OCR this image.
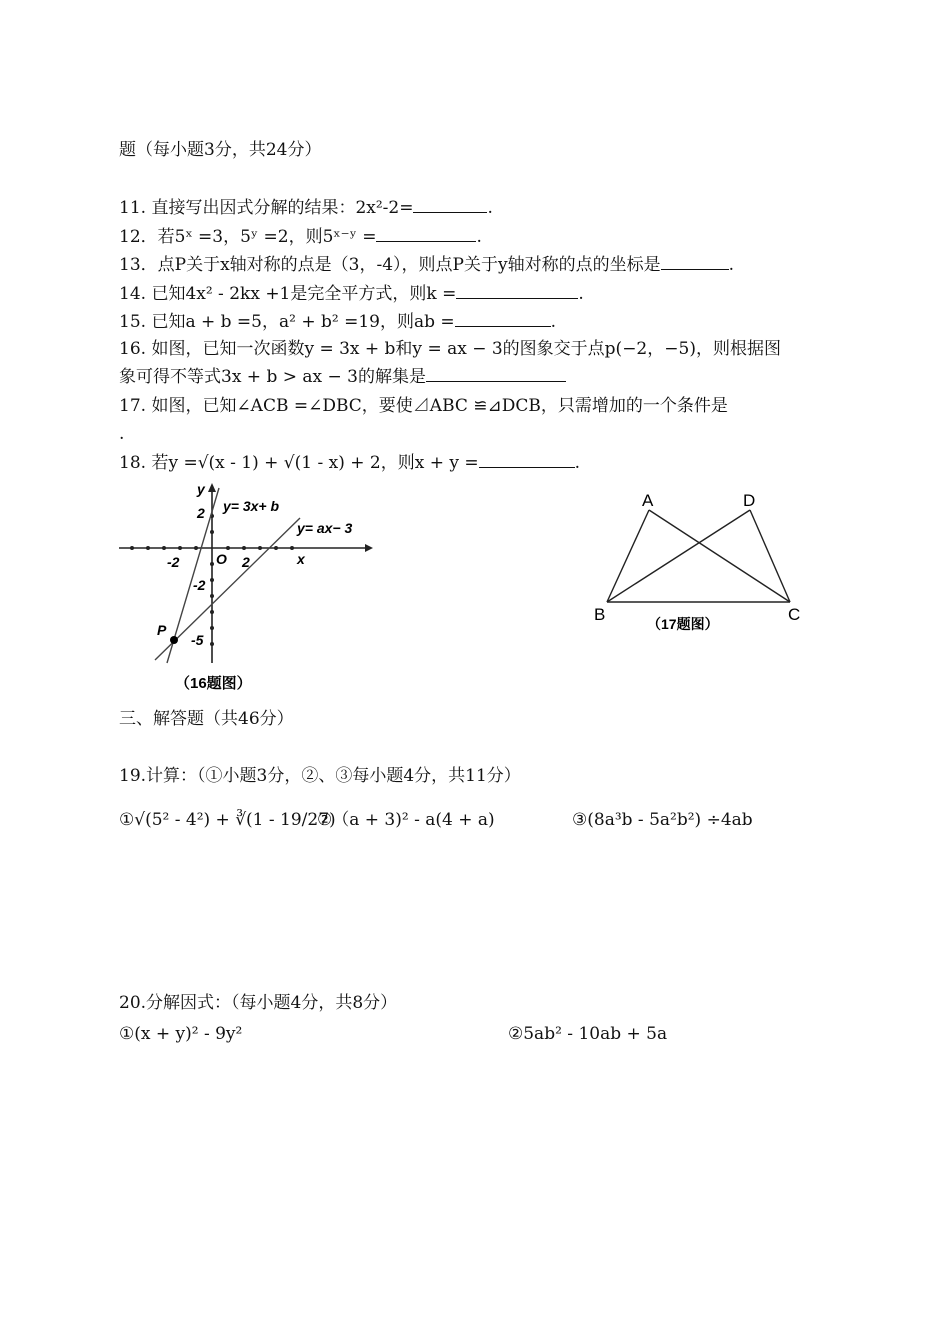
题（每小题3分，共24分）
11. 直接写出因式分解的结果：2x²-2=	.
12．若5ˣ =3，5ʸ =2，则5ˣ⁻ʸ =	.
13．点P关于x轴对称的点是（3，-4），则点P关于y轴对称的点的坐标是	.
14. 已知4x² - 2kx +1是完全平方式，则k =	.
15. 已知a + b =5，a² + b² =19，则ab =	.
16. 如图，已知一次函数y = 3x + b和y = ax − 3的图象交于点p(−2，−5)，则根据图
象可得不等式3x + b > ax − 3的解集是
17. 如图，已知∠ACB =∠DBC，要使⊿ABC ≌⊿DCB，只需增加的一个条件是
.
18. 若y =√(x - 1) + √(1 - x) + 2，则x + y =	.
y
x
O
y= 3x+ b
y= ax− 3
2
-2
-5
-2	2
P
（16题图）
A	D
B	C
（17题图）
三、解答题（共46分）
19.计算：（①小题3分，②、③每小题4分，共11分）
①√(5² - 4²) + ∛(1 - 19/27)
②（a + 3)² - a(4 + a)	③(8a³b - 5a²b²) ÷4ab
20.分解因式：（每小题4分，共8分）
①(x + y)² - 9y²	②5ab² - 10ab + 5a
